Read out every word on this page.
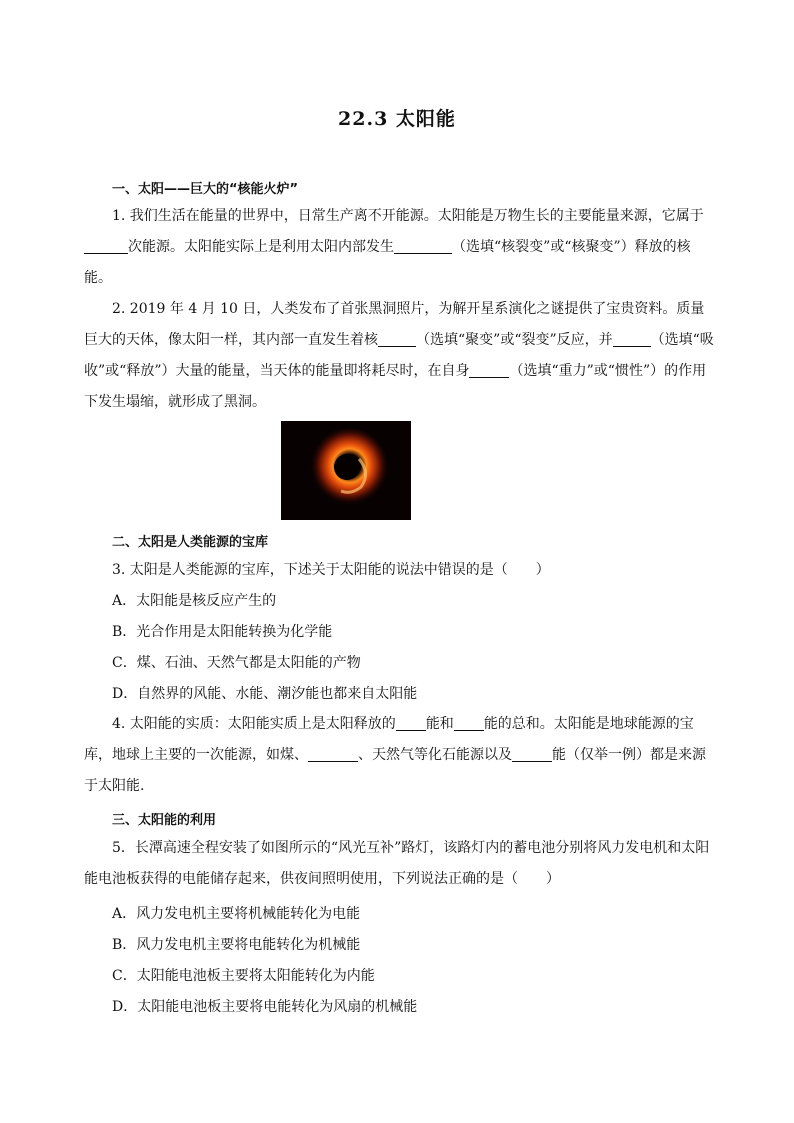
22.3 太阳能
一、太阳——巨大的“核能火炉”

1. 我们生活在能量的世界中，日常生产离不开能源。太阳能是万物生长的主要能量来源，它属于次能源。太阳能实际上是利用太阳内部发生	（选填“核裂变”或“核聚变”）释放的核能。

2. 2019 年 4 月 10 日，人类发布了首张黑洞照片，为解开星系演化之谜提供了宝贵资料。质量巨大的天体，像太阳一样，其内部一直发生着核	（选填“聚变”或“裂变”反应，并	（选填“吸收”或“释放”）大量的能量，当天体的能量即将耗尽时，在自身	（选填“重力”或“惯性”）的作用下发生塌缩，就形成了黑洞。

二、太阳是人类能源的宝库
3. 太阳是人类能源的宝库，下述关于太阳能的说法中错误的是（　　）
A．太阳能是核反应产生的
B．光合作用是太阳能转换为化学能
C．煤、石油、天然气都是太阳能的产物
D．自然界的风能、水能、潮汐能也都来自太阳能

4. 太阳能的实质：太阳能实质上是太阳释放的 能和 能的总和。太阳能是地球能源的宝库，地球上主要的一次能源，如煤、	、天然气等化石能源以及	能（仅举一例）都是来源于太阳能.

三、太阳能的利用

5．长潭高速全程安装了如图所示的“风光互补”路灯，该路灯内的蓄电池分别将风力发电机和太阳能电池板获得的电能储存起来，供夜间照明使用，下列说法正确的是（　　）

A．风力发电机主要将机械能转化为电能
B．风力发电机主要将电能转化为机械能
C．太阳能电池板主要将太阳能转化为内能
D．太阳能电池板主要将电能转化为风扇的机械能
